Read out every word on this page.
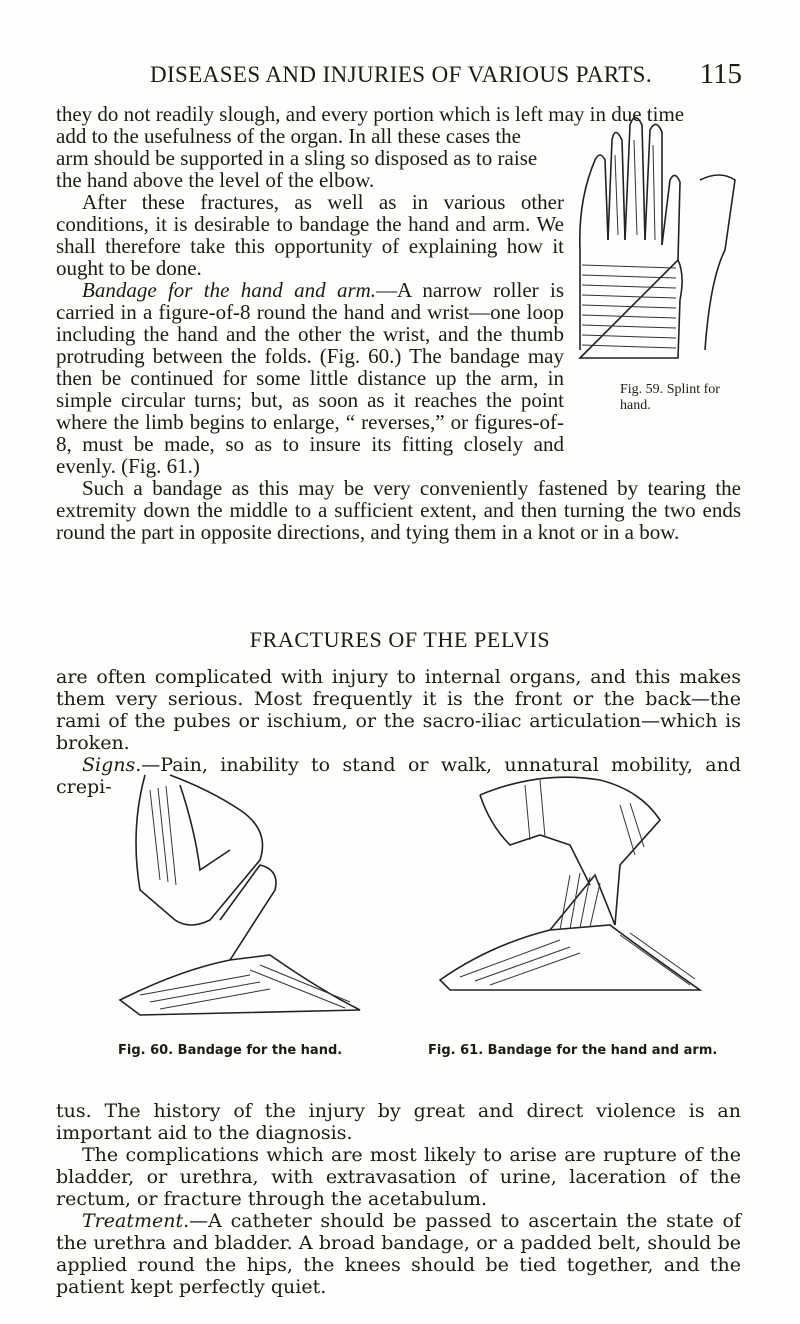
DISEASES AND INJURIES OF VARIOUS PARTS.	115
they do not readily slough, and every portion which is left may in due time
add to the usefulness of the organ. In all these cases the
arm should be supported in a sling so disposed as to raise
the hand above the level of the elbow.
After these fractures, as well as in various other conditions, it is desirable to bandage the hand and arm. We shall therefore take this opportunity of explaining how it ought to be done.
Bandage for the hand and arm.—A narrow roller is carried in a figure-of-8 round the hand and wrist—one loop including the hand and the other the wrist, and the thumb protruding between the folds. (Fig. 60.) The bandage may then be continued for some little distance up the arm, in simple circular turns; but, as soon as it reaches the point where the limb begins to enlarge, “ reverses,” or figures-of-8, must be made, so as to insure its fitting closely and evenly. (Fig. 61.)
Such a bandage as this may be very conveniently fastened by tearing the extremity down the middle to a sufficient extent, and then turning the two ends round the part in opposite directions, and tying them in a knot or in a bow.
Fig. 59. Splint for hand.
FRACTURES OF THE PELVIS
are often complicated with injury to internal organs, and this makes them very serious. Most frequently it is the front or the back—the rami of the pubes or ischium, or the sacro-iliac articulation—which is broken.
Signs.—Pain, inability to stand or walk, unnatural mobility, and crepi-
Fig. 60. Bandage for the hand.	Fig. 61. Bandage for the hand and arm.
tus. The history of the injury by great and direct violence is an important aid to the diagnosis.
The complications which are most likely to arise are rupture of the bladder, or urethra, with extravasation of urine, laceration of the rectum, or fracture through the acetabulum.
Treatment.—A catheter should be passed to ascertain the state of the urethra and bladder. A broad bandage, or a padded belt, should be applied round the hips, the knees should be tied together, and the patient kept perfectly quiet.
